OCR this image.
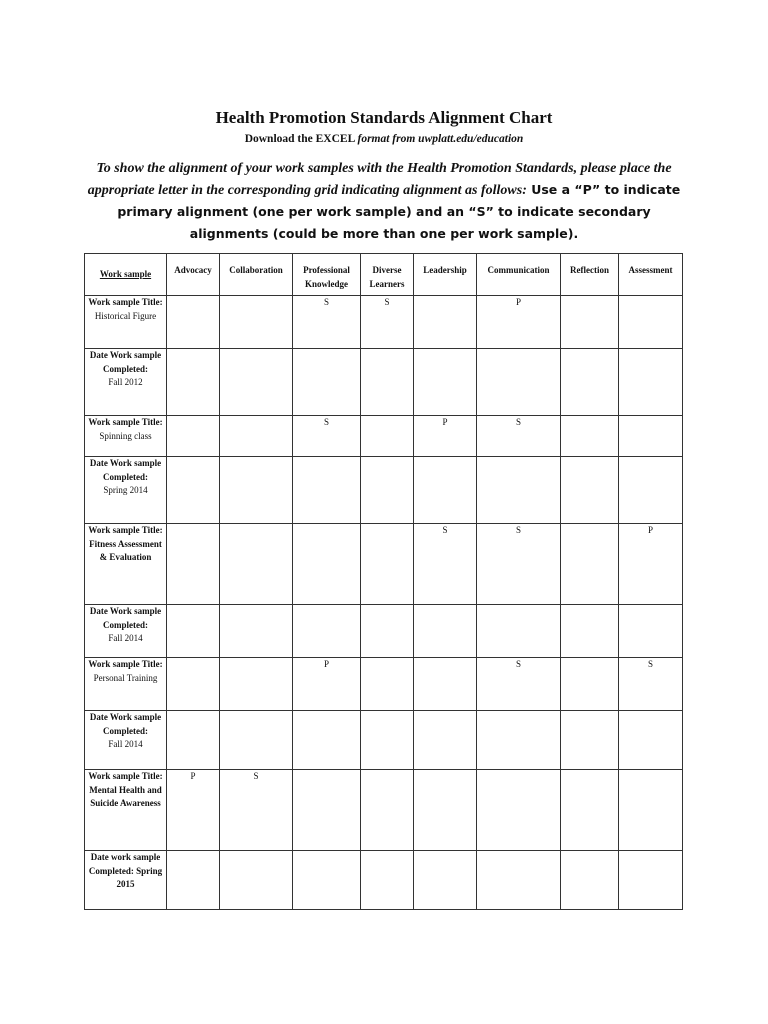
Health Promotion Standards Alignment Chart
Download the EXCEL format from uwplatt.edu/education
To show the alignment of your work samples with the Health Promotion Standards, please place the appropriate letter in the corresponding grid indicating alignment as follows: Use a “P” to indicate primary alignment (one per work sample) and an “S” to indicate secondary alignments (could be more than one per work sample).
Work sample	Advocacy	Collaboration	Professional Knowledge	Diverse Learners	Leadership	Communication	Reflection	Assessment

Work sample Title:
Historical Figure			S	S		P		

Date Work sample Completed:
Fall 2012								

Work sample Title:
Spinning class			S		P	S		

Date Work sample Completed:
Spring 2014								

Work sample Title: Fitness Assessment & Evaluation					S	S		P

Date Work sample Completed:
Fall 2014								

Work sample Title:
Personal Training			P			S		S

Date Work sample Completed:
Fall 2014								

Work sample Title: Mental Health and Suicide Awareness	P	S						

Date work sample Completed: Spring 2015								
